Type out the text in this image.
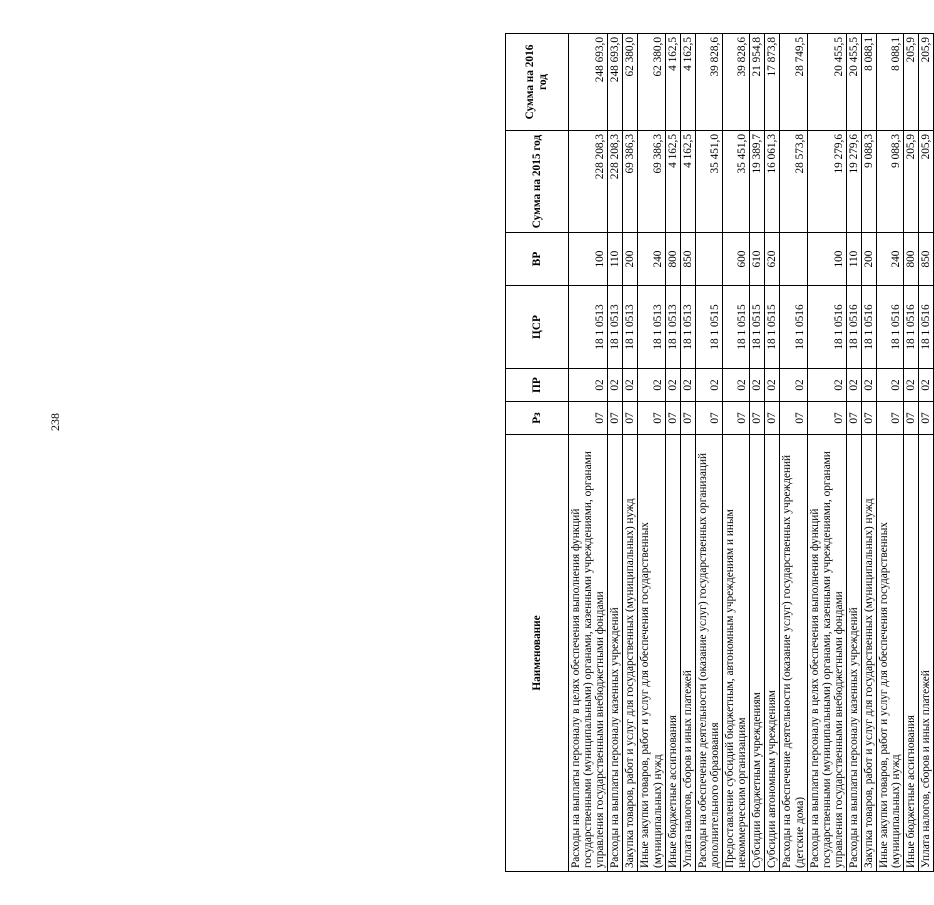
238
Наименование	Рз	ПР	ЦСР	ВР	Сумма на 2015 год	Сумма на 2016 год
Расходы на выплаты персоналу в целях обеспечения выполнения функций государственными (муниципальными) органами, казенными учреждениями, органами управления государственными внебюджетными фондами	07	02	18 1 0513	100	228 208,3	248 693,0
Расходы на выплаты персоналу казенных учреждений	07	02	18 1 0513	110	228 208,3	248 693,0
Закупка товаров, работ и услуг для государственных (муниципальных) нужд	07	02	18 1 0513	200	69 386,3	62 380,0
Иные закупки товаров, работ и услуг для обеспечения государственных (муниципальных) нужд	07	02	18 1 0513	240	69 386,3	62 380,0
Иные бюджетные ассигнования	07	02	18 1 0513	800	4 162,5	4 162,5
Уплата налогов, сборов и иных платежей	07	02	18 1 0513	850	4 162,5	4 162,5
Расходы на обеспечение деятельности (оказание услуг) государственных организаций дополнительного образования	07	02	18 1 0515		35 451,0	39 828,6
Предоставление субсидий бюджетным, автономным учреждениям и иным некоммерческим организациям	07	02	18 1 0515	600	35 451,0	39 828,6
Субсидии бюджетным учреждениям	07	02	18 1 0515	610	19 389,7	21 954,8
Субсидии автономным учреждениям	07	02	18 1 0515	620	16 061,3	17 873,8
Расходы на обеспечение деятельности (оказание услуг) государственных учреждений (детские дома)	07	02	18 1 0516		28 573,8	28 749,5
Расходы на выплаты персоналу в целях обеспечения выполнения функций государственными (муниципальными) органами, казенными учреждениями, органами управления государственными внебюджетными фондами	07	02	18 1 0516	100	19 279,6	20 455,5
Расходы на выплаты персоналу казенных учреждений	07	02	18 1 0516	110	19 279,6	20 455,5
Закупка товаров, работ и услуг для государственных (муниципальных) нужд	07	02	18 1 0516	200	9 088,3	8 088,1
Иные закупки товаров, работ и услуг для обеспечения государственных (муниципальных) нужд	07	02	18 1 0516	240	9 088,3	8 088,1
Иные бюджетные ассигнования	07	02	18 1 0516	800	205,9	205,9
Уплата налогов, сборов и иных платежей	07	02	18 1 0516	850	205,9	205,9
